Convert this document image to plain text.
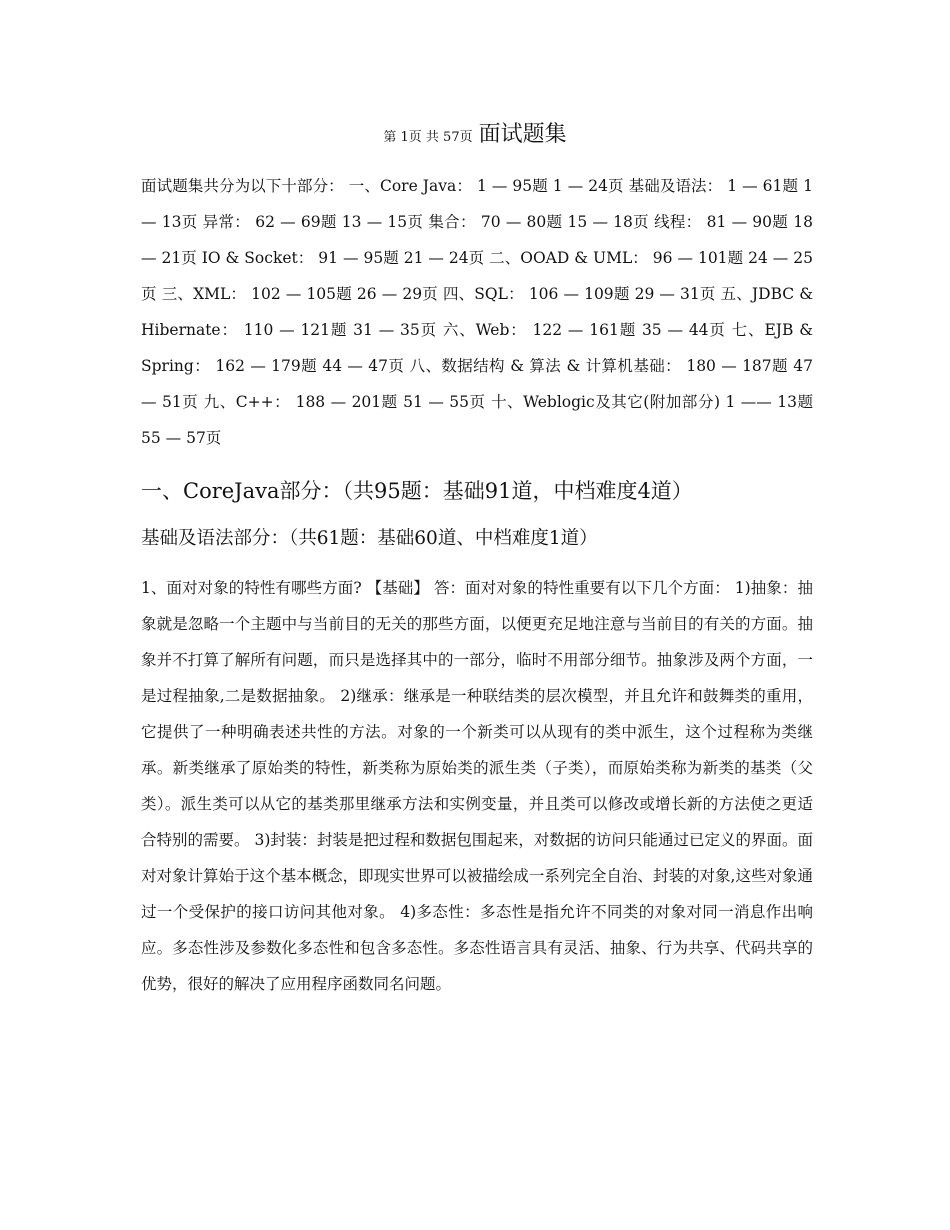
第 1页 共 57页 面试题集

面试题集共分为以下十部分： 一、Core Java： 1 — 95题 1 — 24页 基础及语法： 1 — 61题 1 — 13页 异常： 62 — 69题 13 — 15页 集合： 70 — 80题 15 — 18页 线程： 81 — 90题 18 — 21页 IO & Socket： 91 — 95题 21 — 24页 二、OOAD & UML： 96 — 101题 24 — 25页 三、XML： 102 — 105题 26 — 29页 四、SQL： 106 — 109题 29 — 31页 五、JDBC & Hibernate： 110 — 121题 31 — 35页 六、Web： 122 — 161题 35 — 44页 七、EJB & Spring： 162 — 179题 44 — 47页 八、数据结构 & 算法 & 计算机基础： 180 — 187题 47 — 51页 九、C++： 188 — 201题 51 — 55页 十、Weblogic及其它(附加部分) 1 —— 13题 55 — 57页

一、CoreJava部分：（共95题：基础91道，中档难度4道）
基础及语法部分：（共61题：基础60道、中档难度1道）

1、面对对象的特性有哪些方面? 【基础】 答：面对对象的特性重要有以下几个方面： 1)抽象：抽象就是忽略一个主题中与当前目的无关的那些方面，以便更充足地注意与当前目的有关的方面。抽象并不打算了解所有问题，而只是选择其中的一部分，临时不用部分细节。抽象涉及两个方面，一是过程抽象,二是数据抽象。 2)继承：继承是一种联结类的层次模型，并且允许和鼓舞类的重用，它提供了一种明确表述共性的方法。对象的一个新类可以从现有的类中派生，这个过程称为类继承。新类继承了原始类的特性，新类称为原始类的派生类（子类），而原始类称为新类的基类（父类）。派生类可以从它的基类那里继承方法和实例变量，并且类可以修改或增长新的方法使之更适合特别的需要。 3)封装：封装是把过程和数据包围起来，对数据的访问只能通过已定义的界面。面对对象计算始于这个基本概念，即现实世界可以被描绘成一系列完全自治、封装的对象,这些对象通过一个受保护的接口访问其他对象。 4)多态性：多态性是指允许不同类的对象对同一消息作出响应。多态性涉及参数化多态性和包含多态性。多态性语言具有灵活、抽象、行为共享、代码共享的优势，很好的解决了应用程序函数同名问题。
